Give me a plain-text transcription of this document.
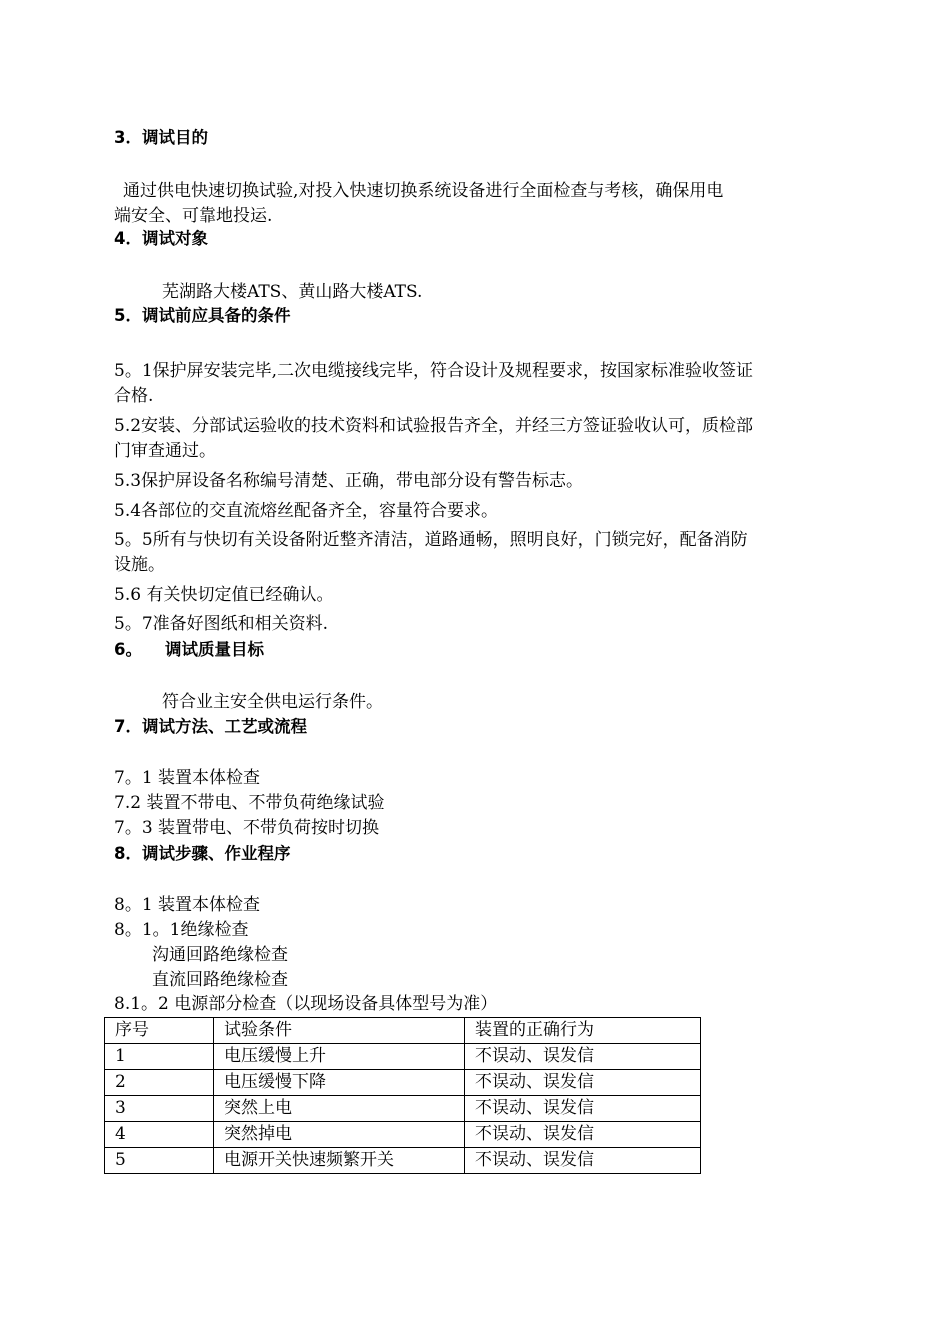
3．调试目的
通过供电快速切换试验,对投入快速切换系统设备进行全面检查与考核，确保用电
端安全、可靠地投运.
4．调试对象
芜湖路大楼ATS、黄山路大楼ATS.
5．调试前应具备的条件
5。1保护屏安装完毕,二次电缆接线完毕，符合设计及规程要求，按国家标准验收签证
合格.
5.2安装、分部试运验收的技术资料和试验报告齐全，并经三方签证验收认可，质检部
门审查通过。
5.3保护屏设备名称编号清楚、正确，带电部分设有警告标志。
5.4各部位的交直流熔丝配备齐全，容量符合要求。
5。5所有与快切有关设备附近整齐清洁，道路通畅，照明良好，门锁完好，配备消防
设施。
5.6 有关快切定值已经确认。
5。7准备好图纸和相关资料.
6。    调试质量目标
符合业主安全供电运行条件。
7．调试方法、工艺或流程
7。1 装置本体检查
7.2 装置不带电、不带负荷绝缘试验
7。3 装置带电、不带负荷按时切换
8．调试步骤、作业程序
8。1 装置本体检查
8。1。1绝缘检查
沟通回路绝缘检查
直流回路绝缘检查
8.1。2 电源部分检查（以现场设备具体型号为准）
序号	试验条件	装置的正确行为
1	电压缓慢上升	不误动、误发信
2	电压缓慢下降	不误动、误发信
3	突然上电	不误动、误发信
4	突然掉电	不误动、误发信
5	电源开关快速频繁开关	不误动、误发信
